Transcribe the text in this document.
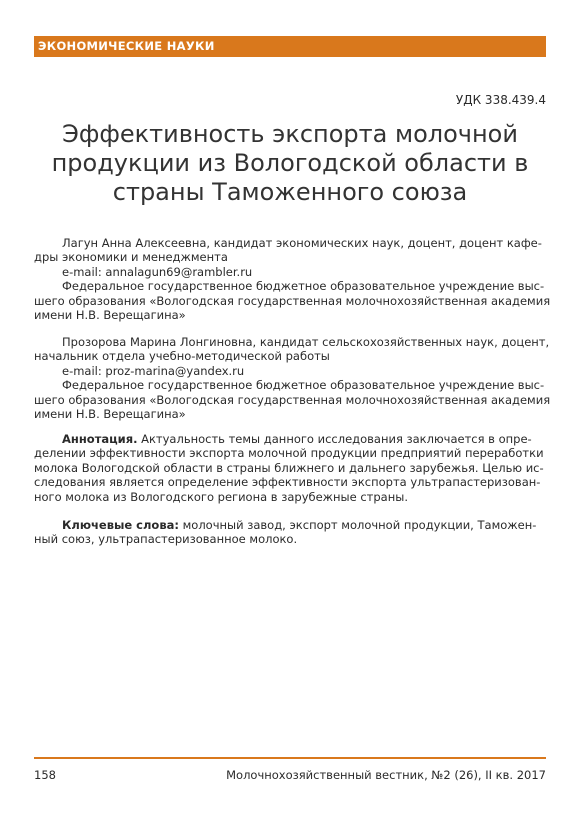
ЭКОНОМИЧЕСКИЕ НАУКИ
УДК 338.439.4
Эффективность экспорта молочной
продукции из Вологодской области в
страны Таможенного союза
Лагун Анна Алексеевна, кандидат экономических наук, доцент, доцент кафе-
дры экономики и менеджмента
e-mail: annalagun69@rambler.ru
Федеральное государственное бюджетное образовательное учреждение выс-
шего образования «Вологодская государственная молочнохозяйственная академия
имени Н.В. Верещагина»
Прозорова Марина Лонгиновна, кандидат сельскохозяйственных наук, доцент,
начальник отдела учебно-методической работы
e-mail: proz-marina@yandex.ru
Федеральное государственное бюджетное образовательное учреждение выс-
шего образования «Вологодская государственная молочнохозяйственная академия
имени Н.В. Верещагина»
Аннотация. Актуальность темы данного исследования заключается в опре-
делении эффективности экспорта молочной продукции предприятий переработки
молока Вологодской области в страны ближнего и дальнего зарубежья. Целью ис-
следования является определение эффективности экспорта ультрапастеризован-
ного молока из Вологодского региона в зарубежные страны.
Ключевые слова: молочный завод, экспорт молочной продукции, Таможен-
ный союз, ультрапастеризованное молоко.
158	Молочнохозяйственный вестник, №2 (26), II кв. 2017
